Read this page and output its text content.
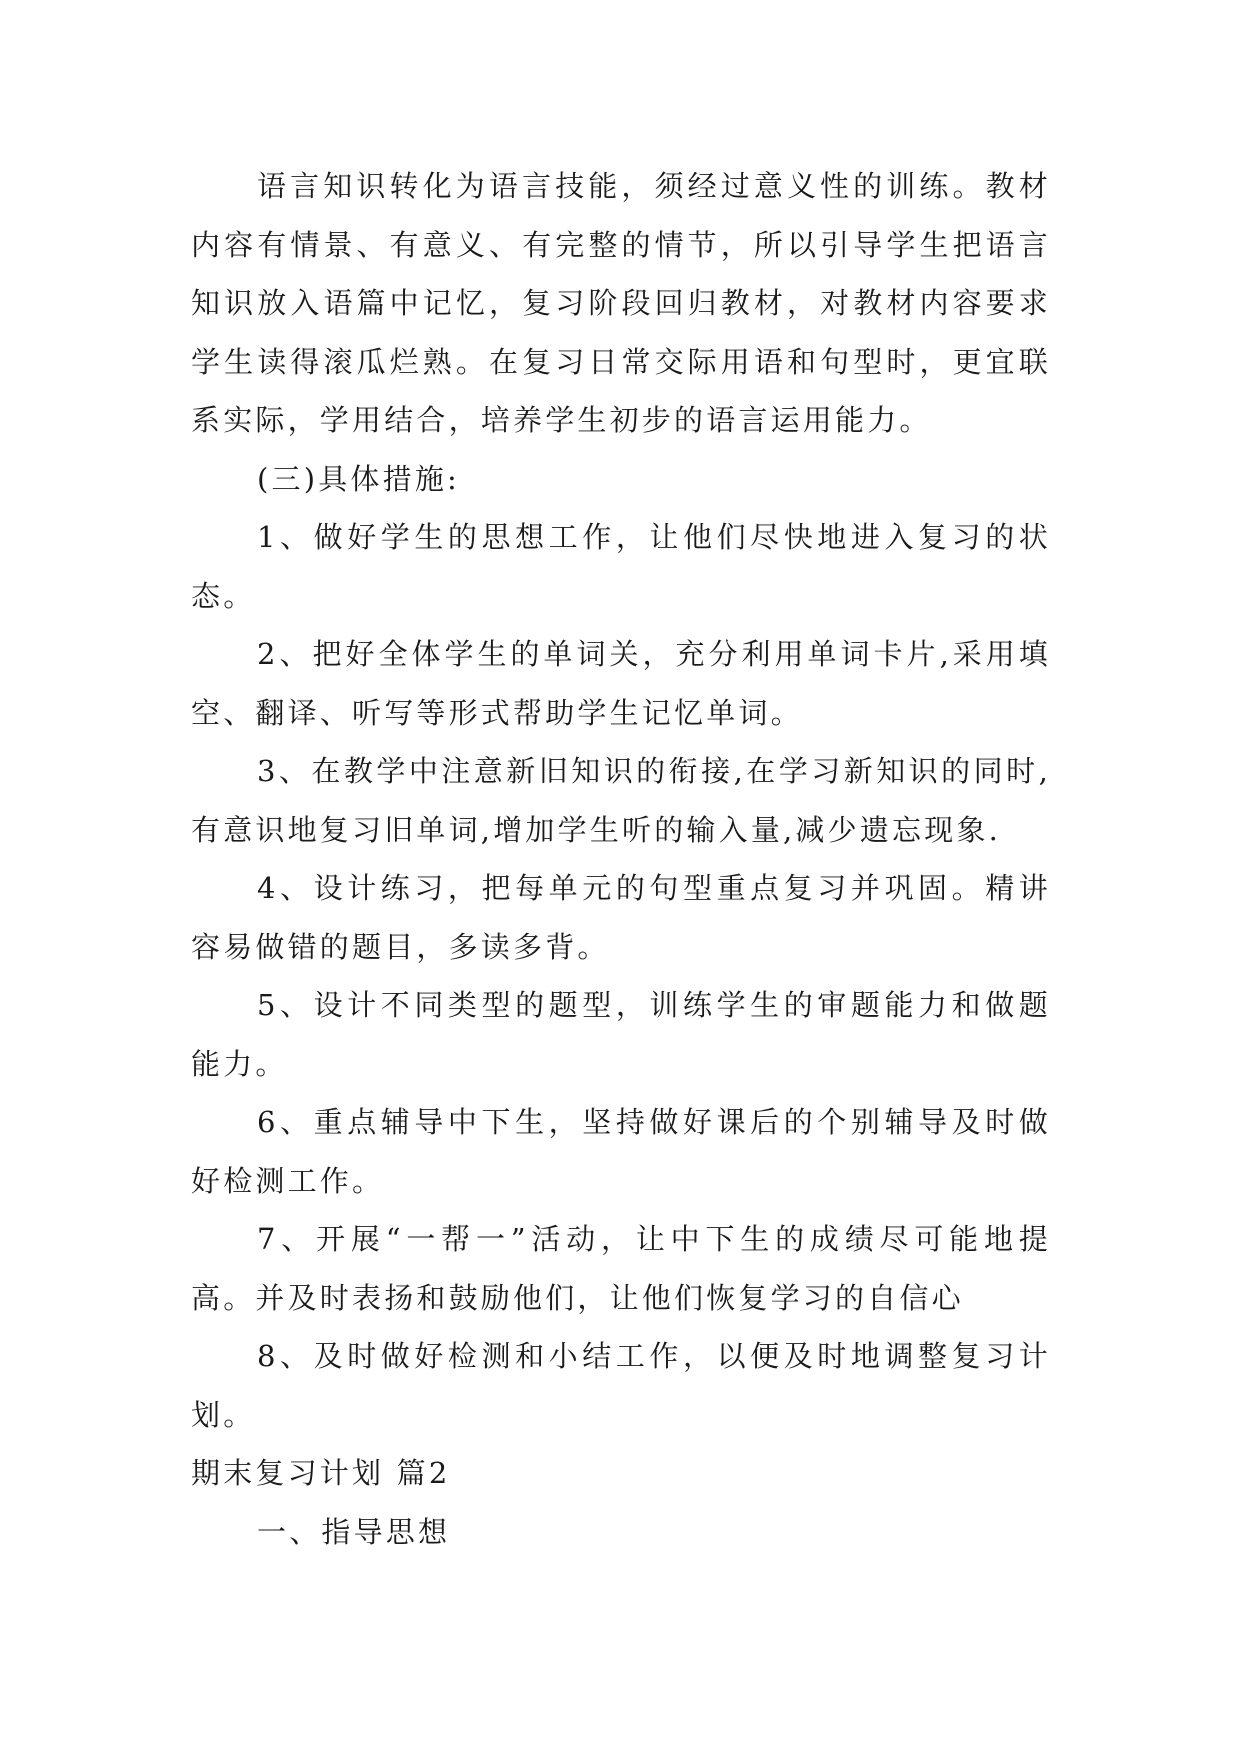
语言知识转化为语言技能，须经过意义性的训练。教材内容有情景、有意义、有完整的情节，所以引导学生把语言知识放入语篇中记忆，复习阶段回归教材，对教材内容要求学生读得滚瓜烂熟。在复习日常交际用语和句型时，更宜联系实际，学用结合，培养学生初步的语言运用能力。

(三)具体措施:

1、做好学生的思想工作，让他们尽快地进入复习的状态。

2、把好全体学生的单词关，充分利用单词卡片,采用填空、翻译、听写等形式帮助学生记忆单词。

3、在教学中注意新旧知识的衔接,在学习新知识的同时,有意识地复习旧单词,增加学生听的输入量,减少遗忘现象.

4、设计练习，把每单元的句型重点复习并巩固。精讲容易做错的题目，多读多背。

5、设计不同类型的题型，训练学生的审题能力和做题能力。

6、重点辅导中下生，坚持做好课后的个别辅导及时做好检测工作。

7、开展“一帮一”活动，让中下生的成绩尽可能地提高。并及时表扬和鼓励他们，让他们恢复学习的自信心

8、及时做好检测和小结工作，以便及时地调整复习计划。

期末复习计划 篇2

一、指导思想
